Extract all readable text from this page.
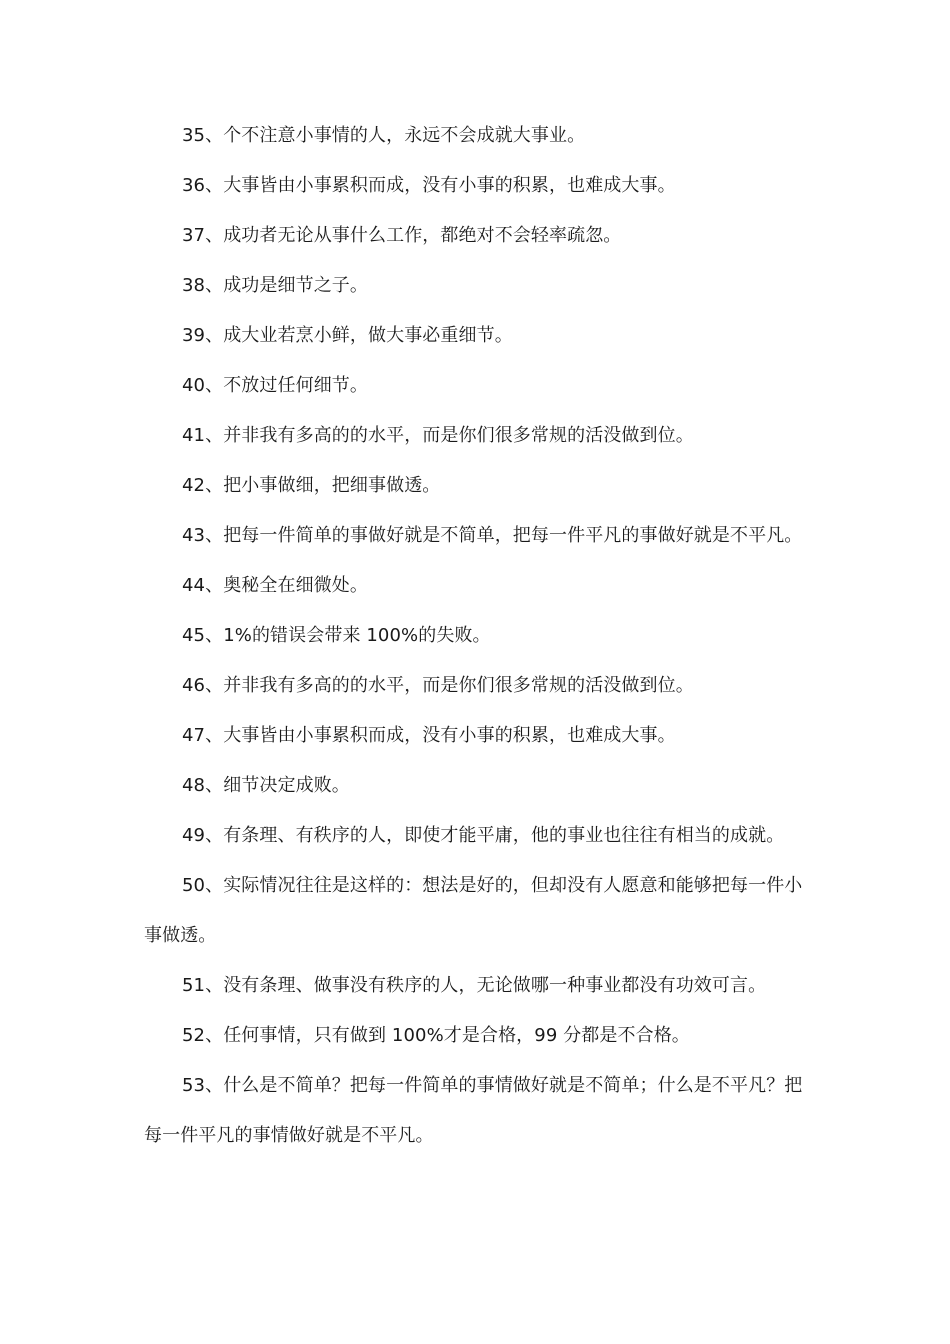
35、个不注意小事情的人，永远不会成就大事业。

36、大事皆由小事累积而成，没有小事的积累，也难成大事。

37、成功者无论从事什么工作，都绝对不会轻率疏忽。

38、成功是细节之子。

39、成大业若烹小鲜，做大事必重细节。

40、不放过任何细节。

41、并非我有多高的的水平，而是你们很多常规的活没做到位。

42、把小事做细，把细事做透。

43、把每一件简单的事做好就是不简单，把每一件平凡的事做好就是不平凡。

44、奥秘全在细微处。

45、1%的错误会带来 100%的失败。

46、并非我有多高的的水平，而是你们很多常规的活没做到位。

47、大事皆由小事累积而成，没有小事的积累，也难成大事。

48、细节决定成败。

49、有条理、有秩序的人，即使才能平庸，他的事业也往往有相当的成就。

50、实际情况往往是这样的：想法是好的，但却没有人愿意和能够把每一件小事做透。

51、没有条理、做事没有秩序的人，无论做哪一种事业都没有功效可言。

52、任何事情，只有做到 100%才是合格，99 分都是不合格。

53、什么是不简单？把每一件简单的事情做好就是不简单；什么是不平凡？把每一件平凡的事情做好就是不平凡。
